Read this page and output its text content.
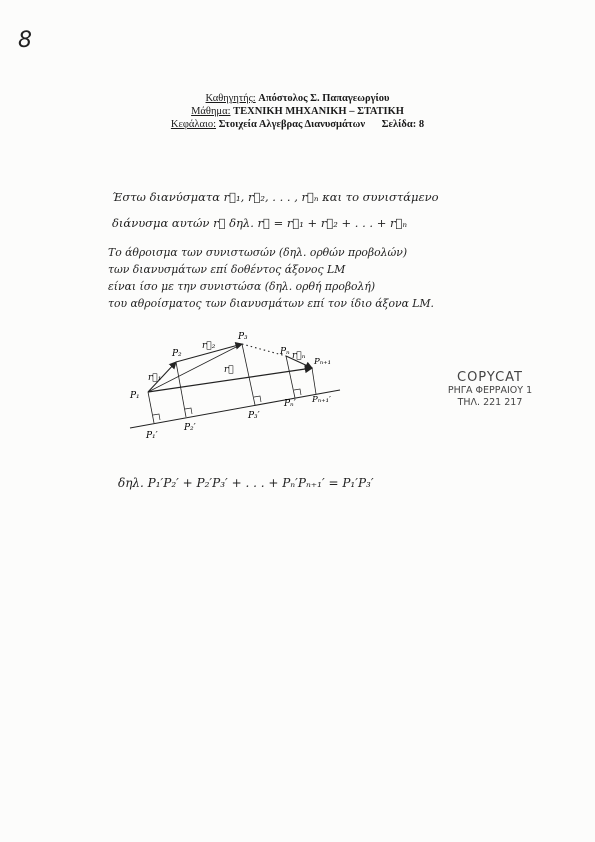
8
Καθηγητής: Απόστολος Σ. Παπαγεωργίου
Μάθημα: ΤΕΧΝΙΚΗ ΜΗΧΑΝΙΚΗ – ΣΤΑΤΙΚΗ
Κεφάλαιο: Στοιχεία Αλγεβρας Διανυσμάτων Σελίδα: 8
Έστω διανύσματα r⃗₁, r⃗₂, . . . , r⃗ₙ και το συνιστάμενο
διάνυσμα αυτών r⃗ δηλ. r⃗ = r⃗₁ + r⃗₂ + . . . + r⃗ₙ
Το άθροισμα των συνιστωσών (δηλ. ορθών προβολών)
των διανυσμάτων επί δοθέντος άξονος LM
είναι ίσο με την συνιστώσα (δηλ. ορθή προβολή)
του αθροίσματος των διανυσμάτων επί τον ίδιο άξονα LM.
P₁
P₂
P₃
Pₙ
Pₙ₊₁
r⃗₁
r⃗₂
r⃗ₙ
r⃗
P₁′
P₂′
P₃′
Pₙ′ Pₙ₊₁′
COPYCAT
ΡΗΓΑ ΦΕΡΡΑΙΟΥ 1
ΤΗΛ. 221 217
δηλ. P₁′P₂′ + P₂′P₃′ + . . . + Pₙ′Pₙ₊₁′ = P₁′P₃′
